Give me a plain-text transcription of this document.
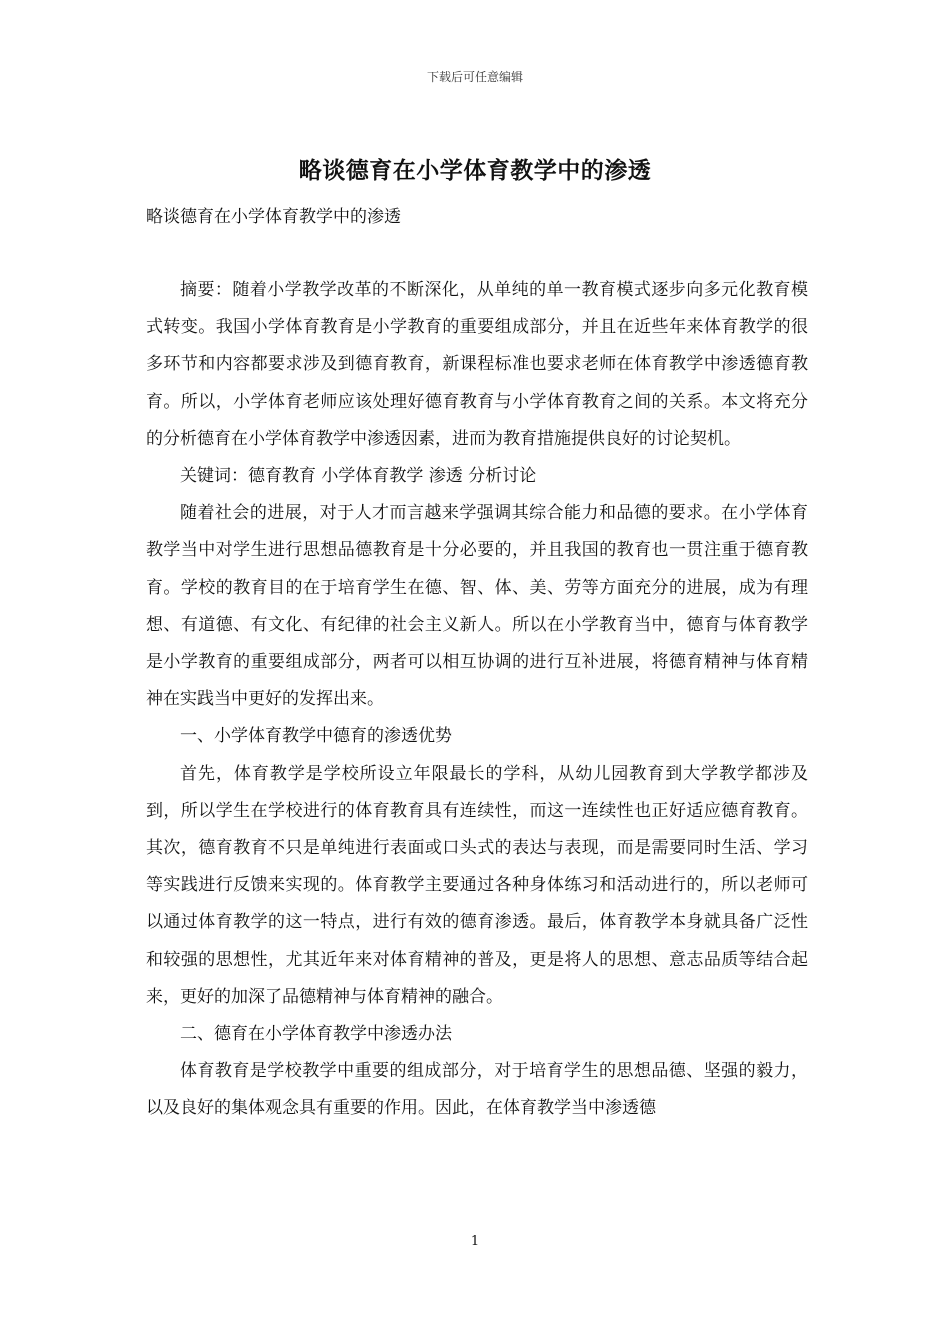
下载后可任意编辑
略谈德育在小学体育教学中的渗透
略谈德育在小学体育教学中的渗透

摘要：随着小学教学改革的不断深化，从单纯的单一教育模式逐步向多元化教育模式转变。我国小学体育教育是小学教育的重要组成部分，并且在近些年来体育教学的很多环节和内容都要求涉及到德育教育，新课程标准也要求老师在体育教学中渗透德育教育。所以，小学体育老师应该处理好德育教育与小学体育教育之间的关系。本文将充分的分析德育在小学体育教学中渗透因素，进而为教育措施提供良好的讨论契机。

关键词：德育教育 小学体育教学 渗透 分析讨论

随着社会的进展，对于人才而言越来学强调其综合能力和品德的要求。在小学体育教学当中对学生进行思想品德教育是十分必要的，并且我国的教育也一贯注重于德育教育。学校的教育目的在于培育学生在德、智、体、美、劳等方面充分的进展，成为有理想、有道德、有文化、有纪律的社会主义新人。所以在小学教育当中，德育与体育教学是小学教育的重要组成部分，两者可以相互协调的进行互补进展，将德育精神与体育精神在实践当中更好的发挥出来。

一、小学体育教学中德育的渗透优势

首先，体育教学是学校所设立年限最长的学科，从幼儿园教育到大学教学都涉及到，所以学生在学校进行的体育教育具有连续性，而这一连续性也正好适应德育教育。其次，德育教育不只是单纯进行表面或口头式的表达与表现，而是需要同时生活、学习等实践进行反馈来实现的。体育教学主要通过各种身体练习和活动进行的，所以老师可以通过体育教学的这一特点，进行有效的德育渗透。最后，体育教学本身就具备广泛性和较强的思想性，尤其近年来对体育精神的普及，更是将人的思想、意志品质等结合起来，更好的加深了品德精神与体育精神的融合。

二、德育在小学体育教学中渗透办法

体育教育是学校教学中重要的组成部分，对于培育学生的思想品德、坚强的毅力，以及良好的集体观念具有重要的作用。因此，在体育教学当中渗透德

1
